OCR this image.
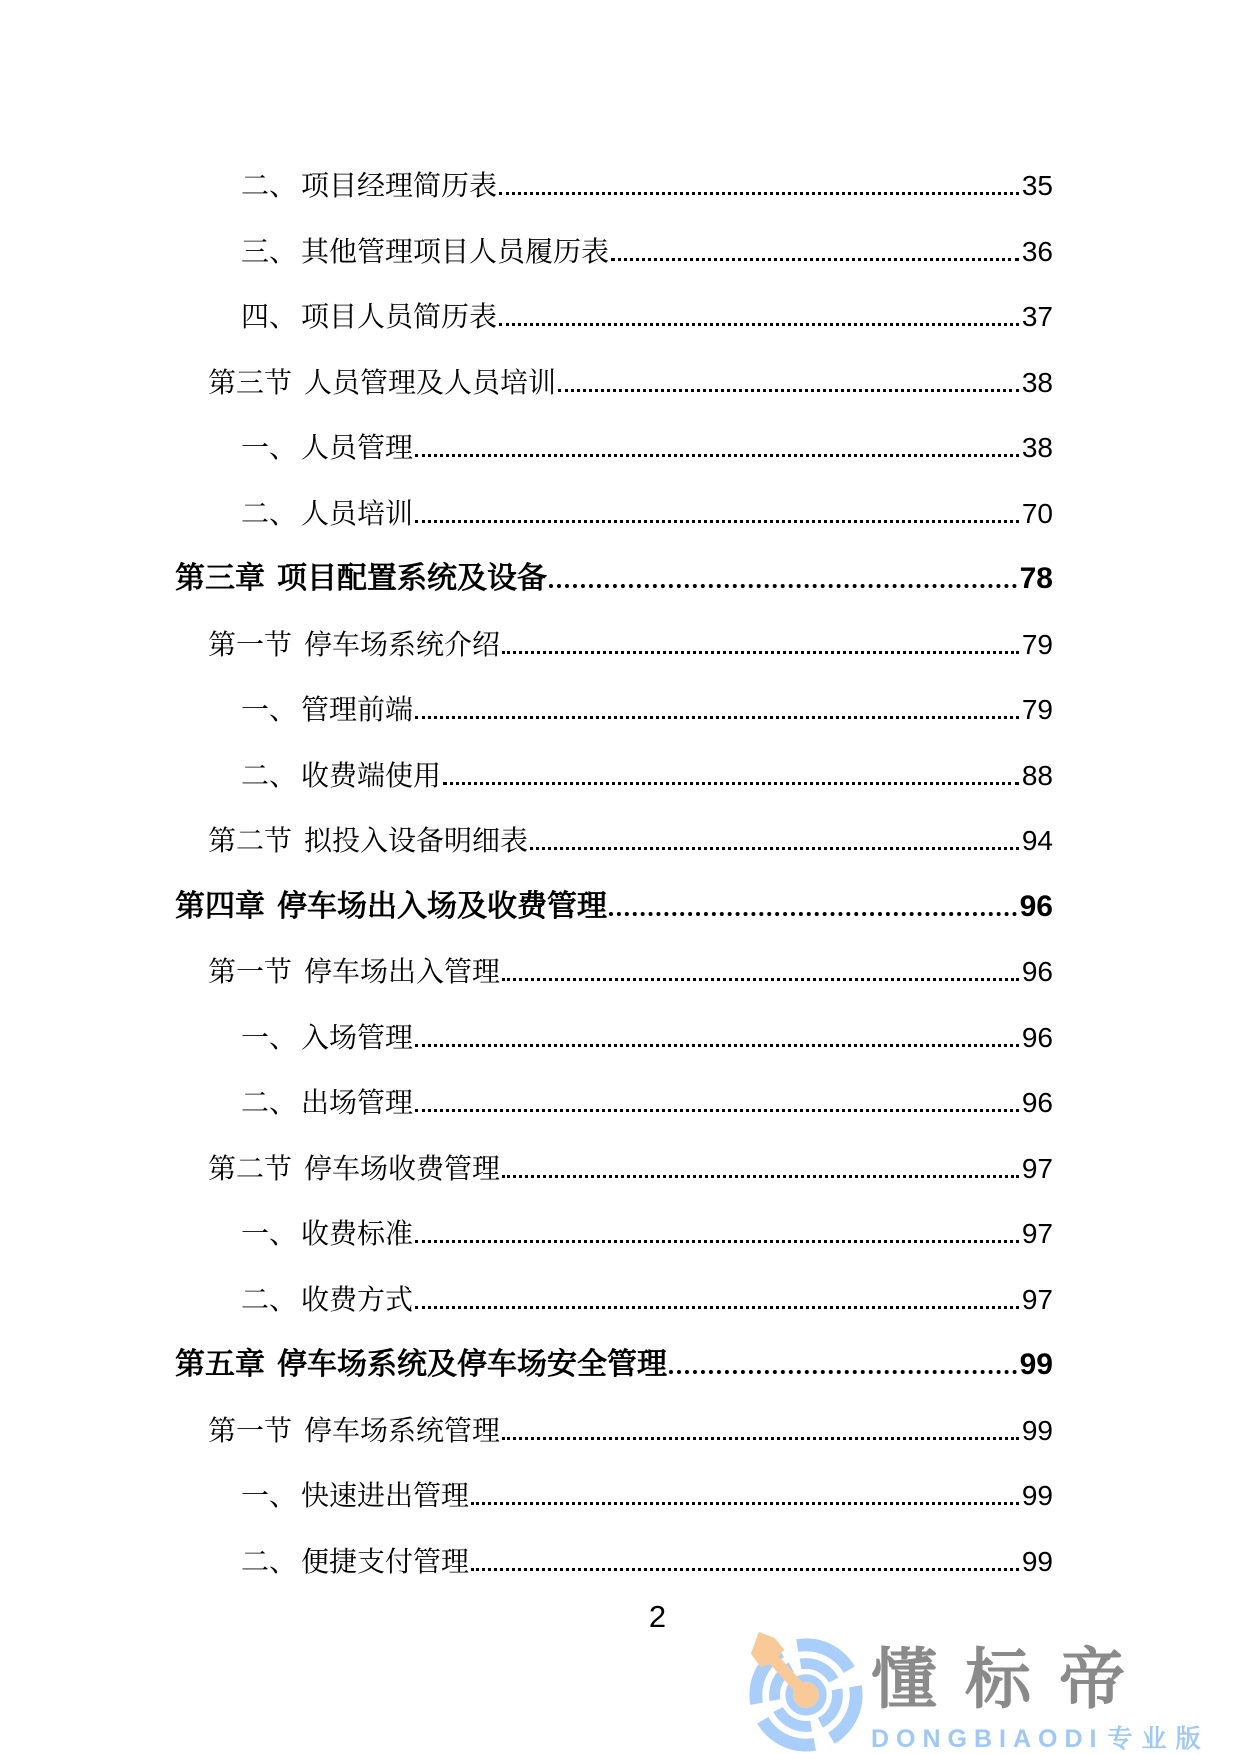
二、 项目经理简历表	35
三、 其他管理项目人员履历表	36
四、 项目人员简历表	37
第三节 人员管理及人员培训	38
一、 人员管理	38
二、 人员培训	70
第三章 项目配置系统及设备	78
第一节 停车场系统介绍	79
一、 管理前端	79
二、 收费端使用	88
第二节 拟投入设备明细表	94
第四章 停车场出入场及收费管理	96
第一节 停车场出入管理	96
一、 入场管理	96
二、 出场管理	96
第二节 停车场收费管理	97
一、 收费标准	97
二、 收费方式	97
第五章 停车场系统及停车场安全管理	99
第一节 停车场系统管理	99
一、 快速进出管理	99
二、 便捷支付管理	99
2
懂标帝
DONGBIAODI 专业版
